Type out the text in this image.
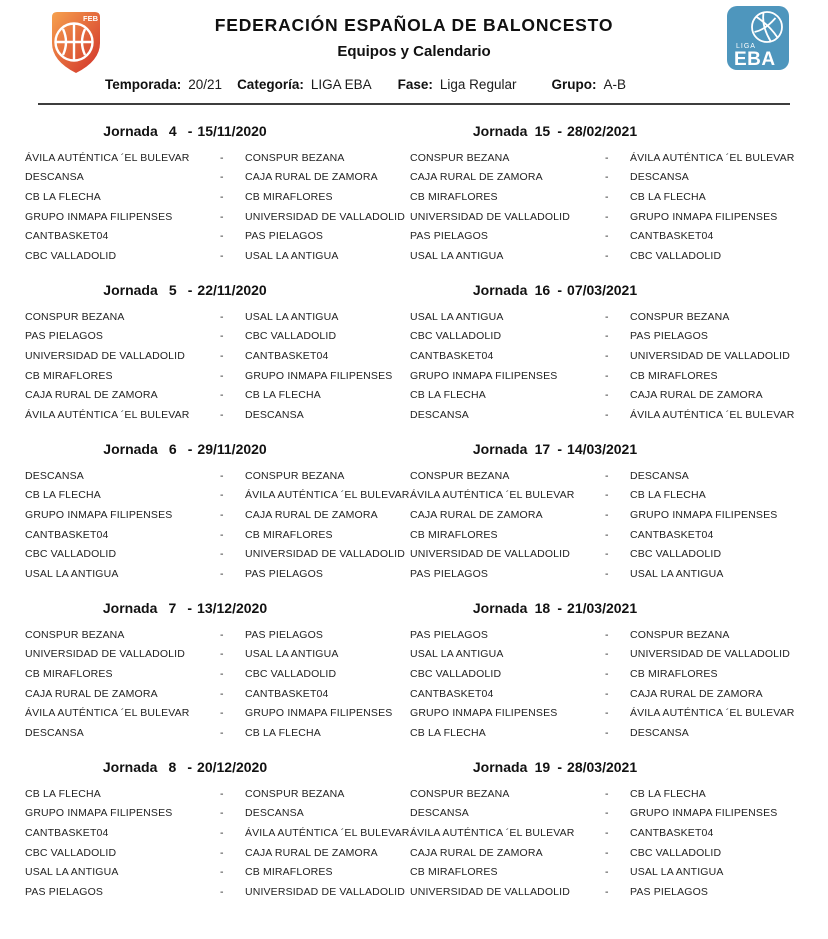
FEB	FEDERACIÓN ESPAÑOLA DE BALONCESTO
Equipos y Calendario	LIGA
EBA
Temporada: 20/21 Categoría: LIGA EBA Fase: Liga Regular	Grupo: A-B
Jornada 4 - 15/11/2020
ÁVILA AUTÉNTICA ´EL BULEVAR	-	CONSPUR BEZANA
DESCANSA	-	CAJA RURAL DE ZAMORA
CB LA FLECHA	-	CB MIRAFLORES
GRUPO INMAPA FILIPENSES	-	UNIVERSIDAD DE VALLADOLID
CANTBASKET04	-	PAS PIELAGOS
CBC VALLADOLID	-	USAL LA ANTIGUA
Jornada 15 - 28/02/2021
CONSPUR BEZANA	-	ÁVILA AUTÉNTICA ´EL BULEVAR
CAJA RURAL DE ZAMORA	-	DESCANSA
CB MIRAFLORES	-	CB LA FLECHA
UNIVERSIDAD DE VALLADOLID	-	GRUPO INMAPA FILIPENSES
PAS PIELAGOS	-	CANTBASKET04
USAL LA ANTIGUA	-	CBC VALLADOLID
Jornada 5 - 22/11/2020
CONSPUR BEZANA	-	USAL LA ANTIGUA
PAS PIELAGOS	-	CBC VALLADOLID
UNIVERSIDAD DE VALLADOLID	-	CANTBASKET04
CB MIRAFLORES	-	GRUPO INMAPA FILIPENSES
CAJA RURAL DE ZAMORA	-	CB LA FLECHA
ÁVILA AUTÉNTICA ´EL BULEVAR	-	DESCANSA
Jornada 16 - 07/03/2021
USAL LA ANTIGUA	-	CONSPUR BEZANA
CBC VALLADOLID	-	PAS PIELAGOS
CANTBASKET04	-	UNIVERSIDAD DE VALLADOLID
GRUPO INMAPA FILIPENSES	-	CB MIRAFLORES
CB LA FLECHA	-	CAJA RURAL DE ZAMORA
DESCANSA	-	ÁVILA AUTÉNTICA ´EL BULEVAR
Jornada 6 - 29/11/2020
DESCANSA	-	CONSPUR BEZANA
CB LA FLECHA	-	ÁVILA AUTÉNTICA ´EL BULEVAR
GRUPO INMAPA FILIPENSES	-	CAJA RURAL DE ZAMORA
CANTBASKET04	-	CB MIRAFLORES
CBC VALLADOLID	-	UNIVERSIDAD DE VALLADOLID
USAL LA ANTIGUA	-	PAS PIELAGOS
Jornada 17 - 14/03/2021
CONSPUR BEZANA	-	DESCANSA
ÁVILA AUTÉNTICA ´EL BULEVAR	-	CB LA FLECHA
CAJA RURAL DE ZAMORA	-	GRUPO INMAPA FILIPENSES
CB MIRAFLORES	-	CANTBASKET04
UNIVERSIDAD DE VALLADOLID	-	CBC VALLADOLID
PAS PIELAGOS	-	USAL LA ANTIGUA
Jornada 7 - 13/12/2020
CONSPUR BEZANA	-	PAS PIELAGOS
UNIVERSIDAD DE VALLADOLID	-	USAL LA ANTIGUA
CB MIRAFLORES	-	CBC VALLADOLID
CAJA RURAL DE ZAMORA	-	CANTBASKET04
ÁVILA AUTÉNTICA ´EL BULEVAR	-	GRUPO INMAPA FILIPENSES
DESCANSA	-	CB LA FLECHA
Jornada 18 - 21/03/2021
PAS PIELAGOS	-	CONSPUR BEZANA
USAL LA ANTIGUA	-	UNIVERSIDAD DE VALLADOLID
CBC VALLADOLID	-	CB MIRAFLORES
CANTBASKET04	-	CAJA RURAL DE ZAMORA
GRUPO INMAPA FILIPENSES	-	ÁVILA AUTÉNTICA ´EL BULEVAR
CB LA FLECHA	-	DESCANSA
Jornada 8 - 20/12/2020
CB LA FLECHA	-	CONSPUR BEZANA
GRUPO INMAPA FILIPENSES	-	DESCANSA
CANTBASKET04	-	ÁVILA AUTÉNTICA ´EL BULEVAR
CBC VALLADOLID	-	CAJA RURAL DE ZAMORA
USAL LA ANTIGUA	-	CB MIRAFLORES
PAS PIELAGOS	-	UNIVERSIDAD DE VALLADOLID
Jornada 19 - 28/03/2021
CONSPUR BEZANA	-	CB LA FLECHA
DESCANSA	-	GRUPO INMAPA FILIPENSES
ÁVILA AUTÉNTICA ´EL BULEVAR	-	CANTBASKET04
CAJA RURAL DE ZAMORA	-	CBC VALLADOLID
CB MIRAFLORES	-	USAL LA ANTIGUA
UNIVERSIDAD DE VALLADOLID	-	PAS PIELAGOS
